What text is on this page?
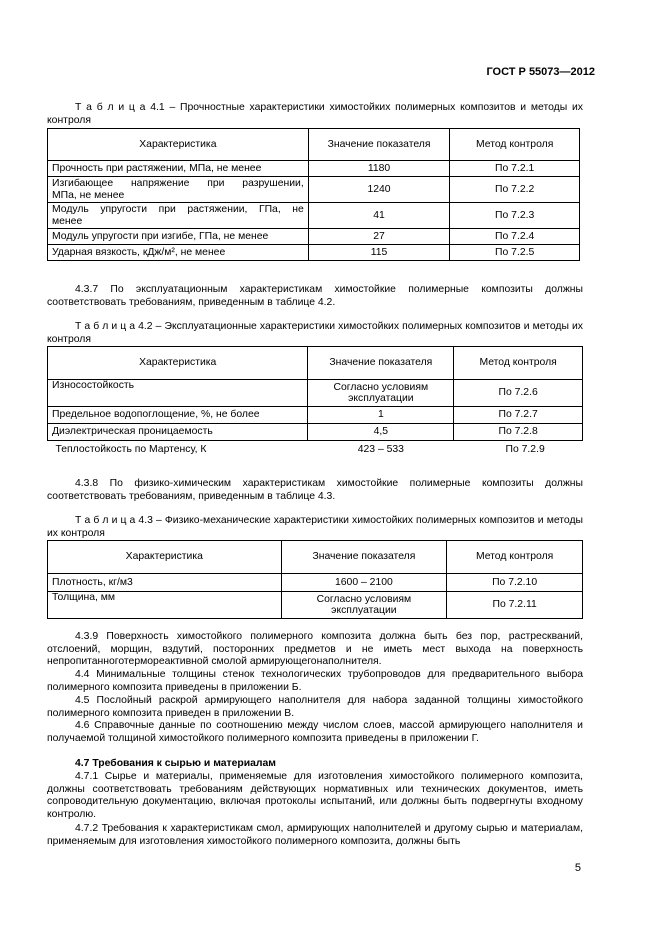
ГОСТ Р 55073—2012
Т а б л и ц а 4.1 – Прочностные характеристики химостойких полимерных композитов и методы их контроля
Характеристика	Значение показателя	Метод контроля
Прочность при растяжении, МПа, не менее	1180	По 7.2.1

Изгибающее напряжение при разрушении,
МПа, не менее	1240	По 7.2.2

Модуль упругости при растяжении, ГПа, не
менее	41	По 7.2.3
Модуль упругости при изгибе, ГПа, не менее	27	По 7.2.4
Ударная вязкость, кДж/м², не менее	115	По 7.2.5
4.3.7 По эксплуатационным характеристикам химостойкие полимерные композиты должны соответствовать требованиям, приведенным в таблице 4.2.
Т а б л и ц а 4.2 – Эксплуатационные характеристики химостойких полимерных композитов и методы их контроля
Характеристика	Значение показателя	Метод контроля
Износостойкость	Согласно условиям
эксплуатации	По 7.2.6
Предельное водопоглощение, %, не более	1	По 7.2.7
Диэлектрическая проницаемость	4,5	По 7.2.8
Теплостойкость по Мартенсу, К	423 – 533	По 7.2.9
4.3.8 По физико-химическим характеристикам химостойкие полимерные композиты должны соответствовать требованиям, приведенным в таблице 4.3.
Т а б л и ц а 4.3 – Физико-механические характеристики химостойких полимерных композитов и методы их контроля
Характеристика	Значение показателя	Метод контроля
Плотность, кг/м3	1600 – 2100	По 7.2.10
Толщина, мм	Согласно условиям
эксплуатации	По 7.2.11
4.3.9 Поверхность химостойкого полимерного композита должна быть без пор, растрескваний, отслоений, морщин, вздутий, посторонних предметов и не иметь мест выхода на поверхность непропитанноготермореактивной смолой армирующегонаполнителя.
4.4 Минимальные толщины стенок технологических трубопроводов для предварительного выбора полимерного композита приведены в приложении Б.
4.5 Послойный раскрой армирующего наполнителя для набора заданной толщины химостойкого полимерного композита приведен в приложении В.
4.6 Справочные данные по соотношению между числом слоев, массой армирующего наполнителя и получаемой толщиной химостойкого полимерного композита приведены в приложении Г.
4.7 Требования к сырью и материалам
4.7.1 Сырье и материалы, применяемые для изготовления химостойкого полимерного композита, должны соответствовать требованиям действующих нормативных или технических документов, иметь сопроводительную документацию, включая протоколы испытаний, или должны быть подвергнуты входному контролю.
4.7.2 Требования к характеристикам смол, армирующих наполнителей и другому сырью и материалам, применяемым для изготовления химостойкого полимерного композита, должны быть
5
